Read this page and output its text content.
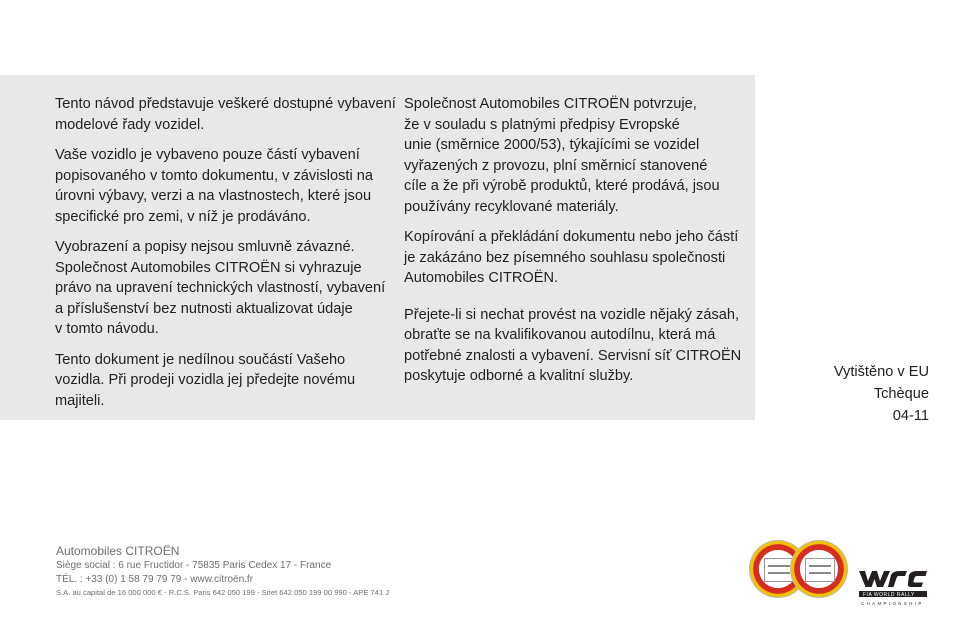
Tento návod představuje veškeré dostupné vybavení
modelové řady vozidel.

Vaše vozidlo je vybaveno pouze částí vybavení
popisovaného v tomto dokumentu, v závislosti na
úrovni výbavy, verzi a na vlastnostech, které jsou
specifické pro zemi, v níž je prodáváno.

Vyobrazení a popisy nejsou smluvně závazné.
Společnost Automobiles CITROËN si vyhrazuje
právo na upravení technických vlastností, vybavení
a příslušenství bez nutnosti aktualizovat údaje
v tomto návodu.

Tento dokument je nedílnou součástí Vašeho
vozidla. Při prodeji vozidla jej předejte novému
majiteli.

Společnost Automobiles CITROËN potvrzuje,
že v souladu s platnými předpisy Evropské
unie (směrnice 2000/53), týkajícími se vozidel
vyřazených z provozu, plní směrnicí stanovené
cíle a že při výrobě produktů, které prodává, jsou
používány recyklované materiály.

Kopírování a překládání dokumentu nebo jeho částí
je zakázáno bez písemného souhlasu společnosti
Automobiles CITROËN.

Přejete-li si nechat provést na vozidle nějaký zásah,
obraťte se na kvalifikovanou autodílnu, která má
potřebné znalosti a vybavení. Servisní síť CITROËN
poskytuje odborné a kvalitní služby.	Vytištěno v EU
Tchèque
04-11
Automobiles CITROËN
Siège social : 6 rue Fructidor - 75835 Paris Cedex 17 - France
TÉL. : +33 (0) 1 58 79 79 79 - www.citroën.fr
S.A. au capital de 16 000 000 € - R.C.S. Paris 642 050 199 - Siret 642 050 199 00 990 - APE 741 J	FIA WORLD RALLY
CHAMPIONSHIP
